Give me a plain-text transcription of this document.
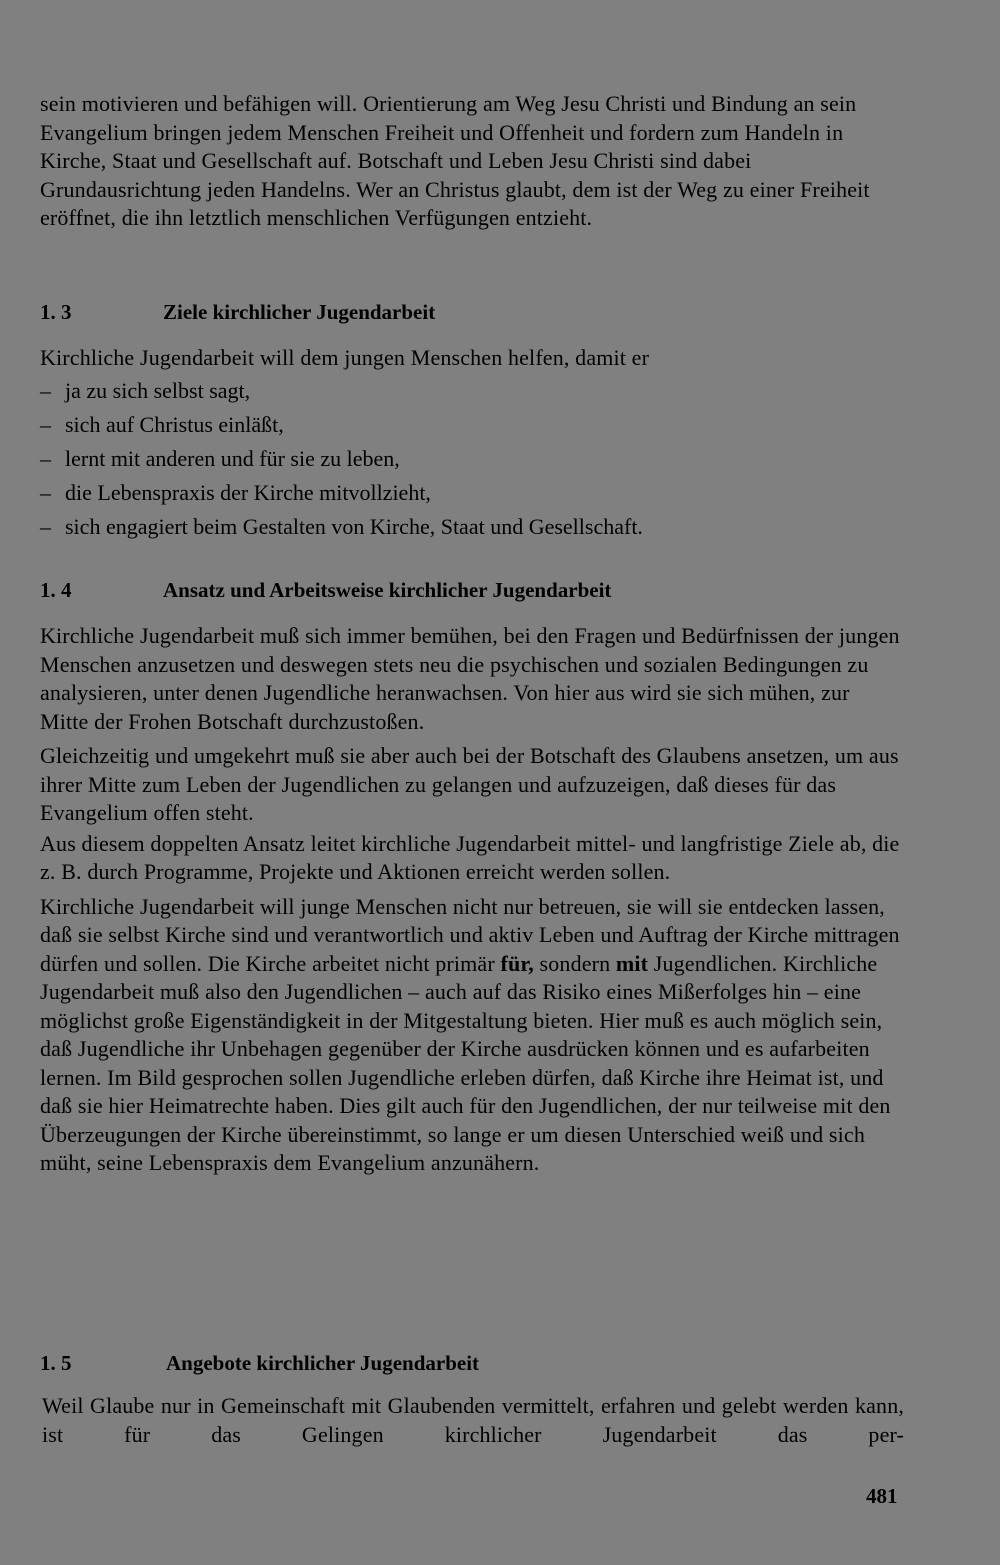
sein motivieren und befähigen will. Orientierung am Weg Jesu Christi und Bindung an sein Evangelium bringen jedem Menschen Freiheit und Offenheit und fordern zum Handeln in Kirche, Staat und Gesellschaft auf. Botschaft und Leben Jesu Christi sind dabei Grundausrichtung jeden Handelns. Wer an Christus glaubt, dem ist der Weg zu einer Freiheit eröffnet, die ihn letztlich menschlichen Verfügungen entzieht.

1. 3	Ziele kirchlicher Jugendarbeit

Kirchliche Jugendarbeit will dem jungen Menschen helfen, damit er

– ja zu sich selbst sagt,
– sich auf Christus einläßt,
– lernt mit anderen und für sie zu leben,
– die Lebenspraxis der Kirche mitvollzieht,
– sich engagiert beim Gestalten von Kirche, Staat und Gesellschaft.
1. 4	Ansatz und Arbeitsweise kirchlicher Jugendarbeit

Kirchliche Jugendarbeit muß sich immer bemühen, bei den Fragen und Bedürfnissen der jungen Menschen anzusetzen und deswegen stets neu die psychischen und sozialen Bedingungen zu analysieren, unter denen Jugendliche heranwachsen. Von hier aus wird sie sich mühen, zur Mitte der Frohen Botschaft durchzustoßen.

Gleichzeitig und umgekehrt muß sie aber auch bei der Botschaft des Glaubens ansetzen, um aus ihrer Mitte zum Leben der Jugendlichen zu gelangen und aufzuzeigen, daß dieses für das Evangelium offen steht.

Aus diesem doppelten Ansatz leitet kirchliche Jugendarbeit mittel- und langfristige Ziele ab, die z. B. durch Programme, Projekte und Aktionen erreicht werden sollen.

Kirchliche Jugendarbeit will junge Menschen nicht nur betreuen, sie will sie entdecken lassen, daß sie selbst Kirche sind und verantwortlich und aktiv Leben und Auftrag der Kirche mittragen dürfen und sollen. Die Kirche arbeitet nicht primär für, sondern mit Jugendlichen. Kirchliche Jugendarbeit muß also den Jugendlichen – auch auf das Risiko eines Mißerfolges hin – eine möglichst große Eigenständigkeit in der Mitgestaltung bieten. Hier muß es auch möglich sein, daß Jugendliche ihr Unbehagen gegenüber der Kirche ausdrücken können und es aufarbeiten lernen. Im Bild gesprochen sollen Jugendliche erleben dürfen, daß Kirche ihre Heimat ist, und daß sie hier Heimatrechte haben. Dies gilt auch für den Jugendlichen, der nur teilweise mit den Überzeugungen der Kirche übereinstimmt, so lange er um diesen Unterschied weiß und sich müht, seine Lebenspraxis dem Evangelium anzunähern.

1. 5	Angebote kirchlicher Jugendarbeit

Weil Glaube nur in Gemeinschaft mit Glaubenden vermittelt, erfahren und gelebt werden kann, ist für das Gelingen kirchlicher Jugendarbeit das per-

481
